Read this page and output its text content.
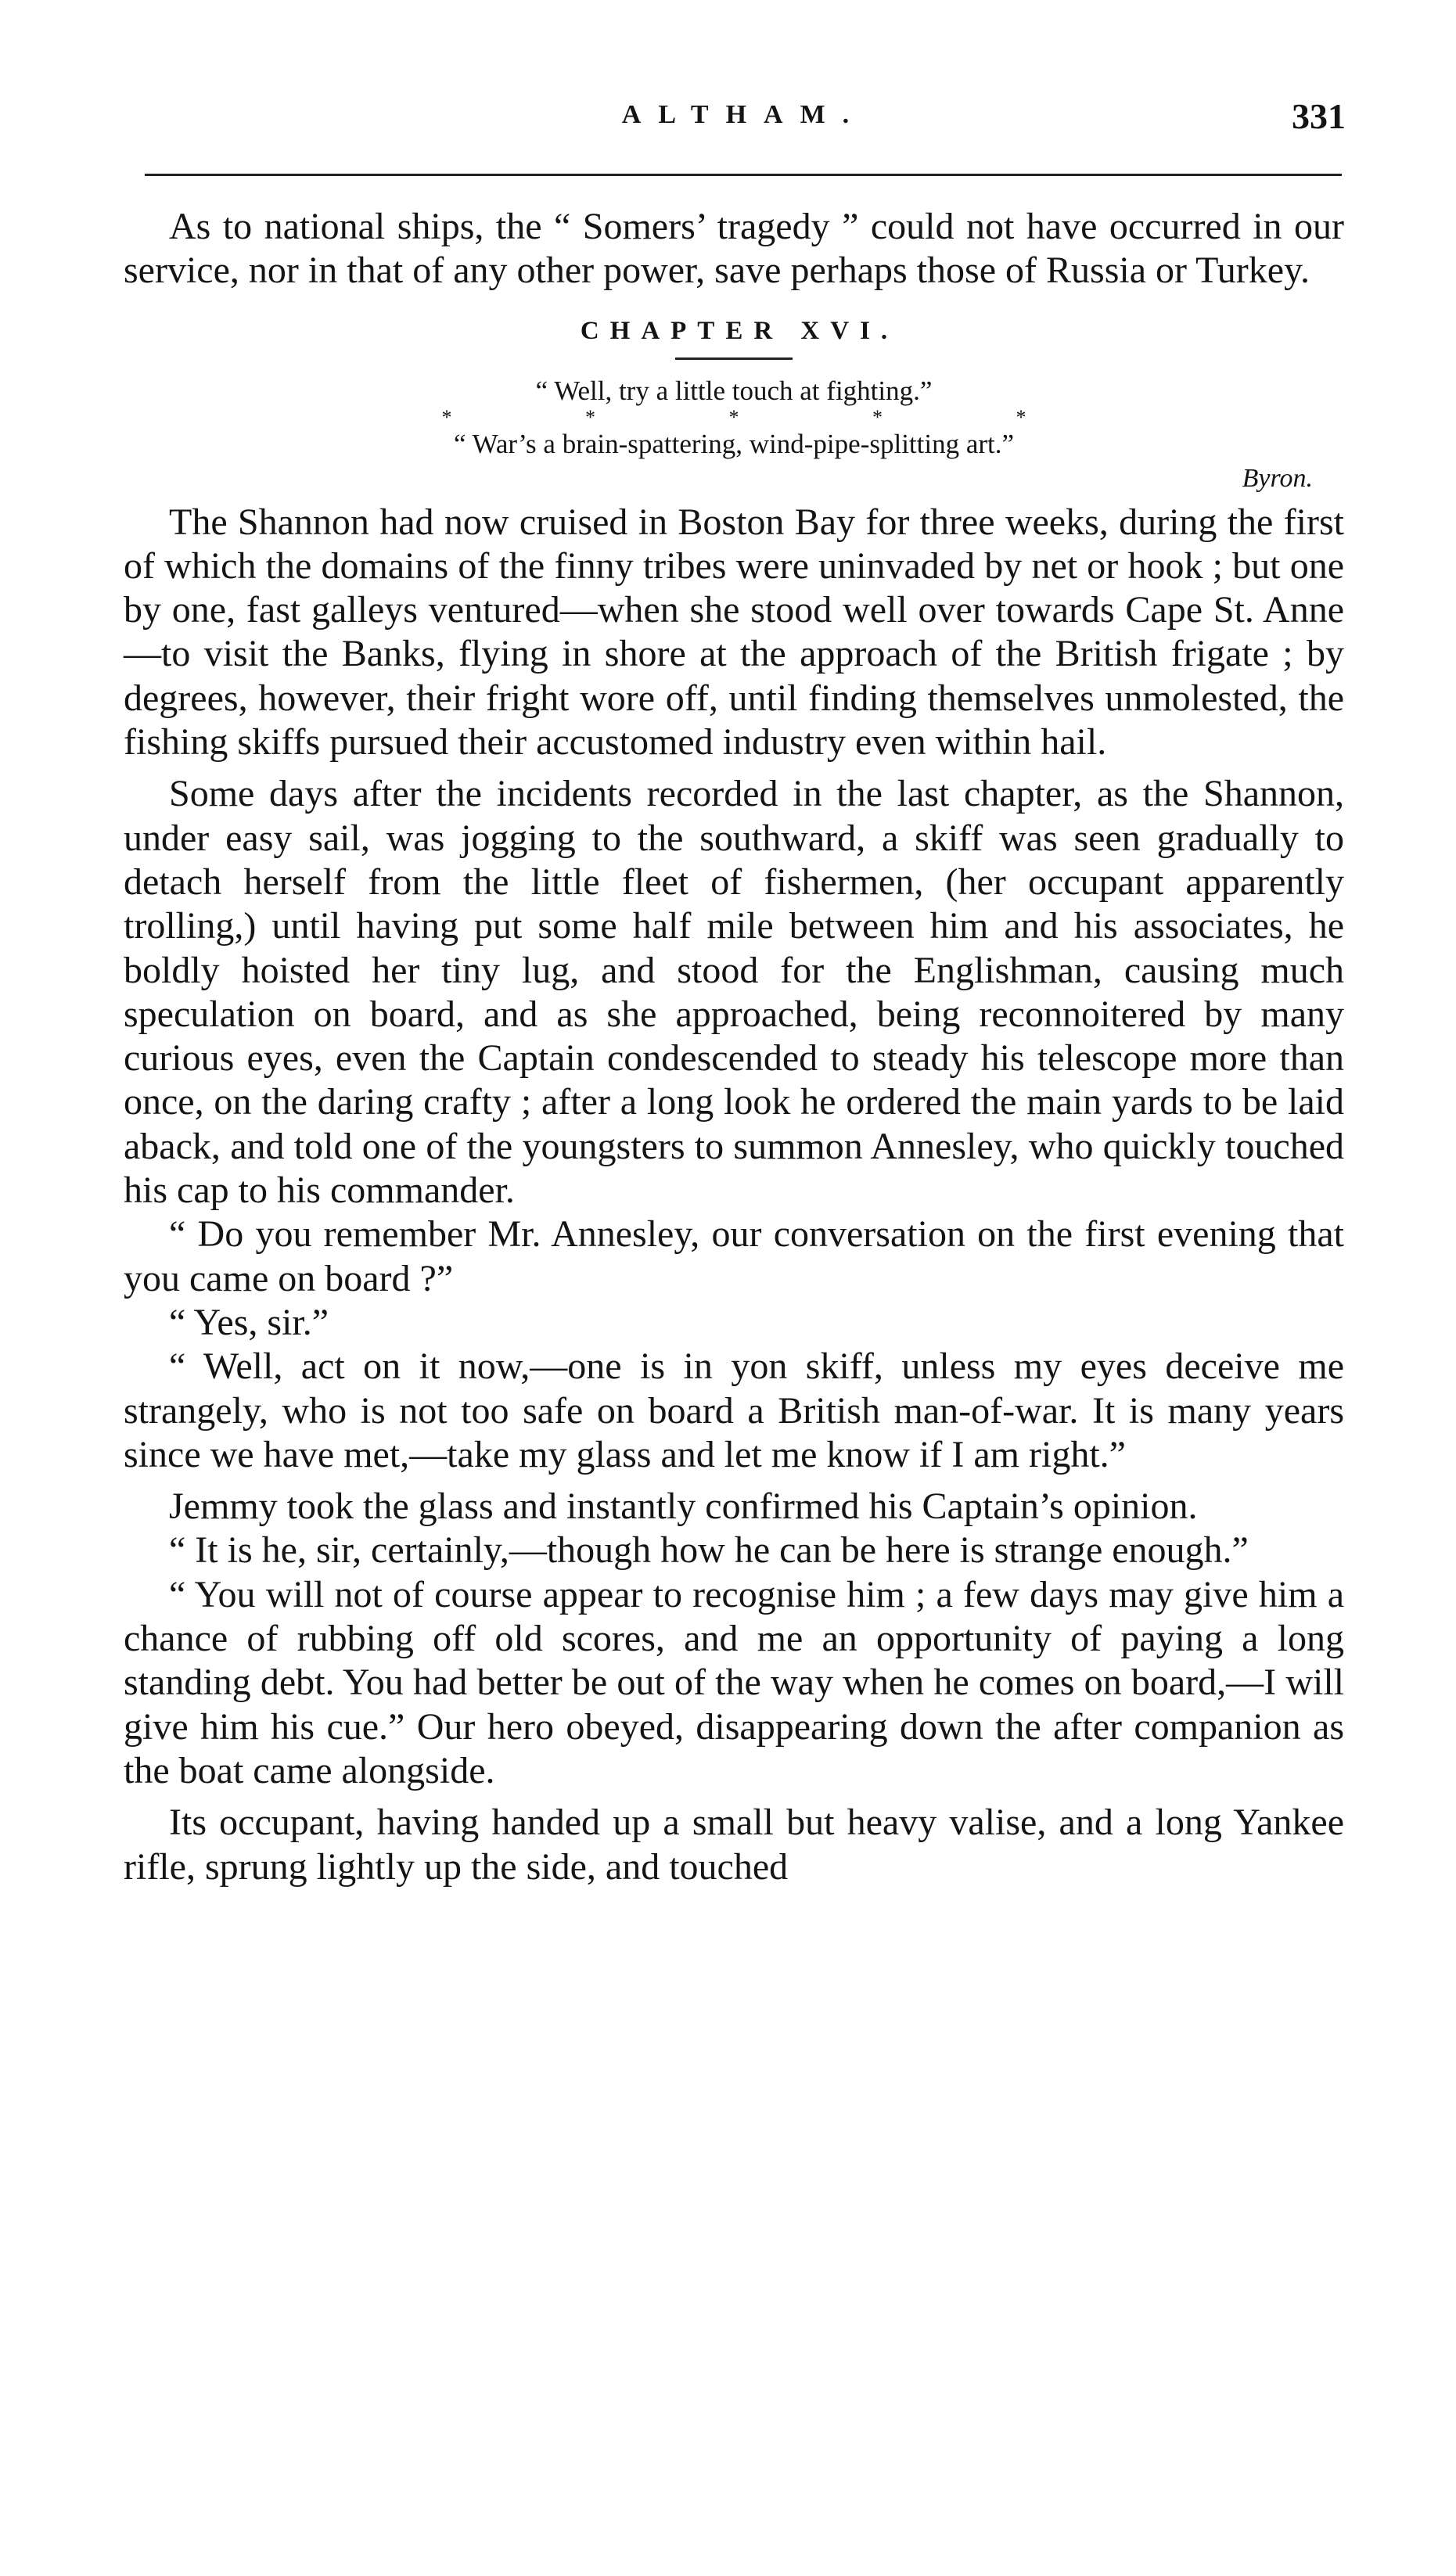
ALTHAM.	331

As to national ships, the “ Somers’ tragedy ” could not have occurred in our service, nor in that of any other power, save perhaps those of Russia or Turkey.

CHAPTER XVI.
“ Well, try a little touch at fighting.”
* * * * *
“ War’s a brain-spattering, wind-pipe-splitting art.”
Byron.

The Shannon had now cruised in Boston Bay for three weeks, during the first of which the domains of the finny tribes were uninvaded by net or hook ; but one by one, fast galleys ventured—when she stood well over towards Cape St. Anne—to visit the Banks, flying in shore at the approach of the British frigate ; by degrees, however, their fright wore off, until finding themselves unmolested, the fishing skiffs pursued their accustomed industry even within hail.

Some days after the incidents recorded in the last chapter, as the Shannon, under easy sail, was jogging to the southward, a skiff was seen gradually to detach herself from the little fleet of fishermen, (her occupant apparently trolling,) until having put some half mile between him and his associates, he boldly hoisted her tiny lug, and stood for the Englishman, causing much speculation on board, and as she approached, being reconnoitered by many curious eyes, even the Captain condescended to steady his telescope more than once, on the daring crafty ; after a long look he ordered the main yards to be laid aback, and told one of the youngsters to summon Annesley, who quickly touched his cap to his commander.

“ Do you remember Mr. Annesley, our conversation on the first evening that you came on board ?”

“ Yes, sir.”

“ Well, act on it now,—one is in yon skiff, unless my eyes deceive me strangely, who is not too safe on board a British man-of-war. It is many years since we have met,—take my glass and let me know if I am right.”

Jemmy took the glass and instantly confirmed his Captain’s opinion.

“ It is he, sir, certainly,—though how he can be here is strange enough.”

“ You will not of course appear to recognise him ; a few days may give him a chance of rubbing off old scores, and me an opportunity of paying a long standing debt. You had better be out of the way when he comes on board,—I will give him his cue.” Our hero obeyed, disappearing down the after companion as the boat came alongside.

Its occupant, having handed up a small but heavy valise, and a long Yankee rifle, sprung lightly up the side, and touched
